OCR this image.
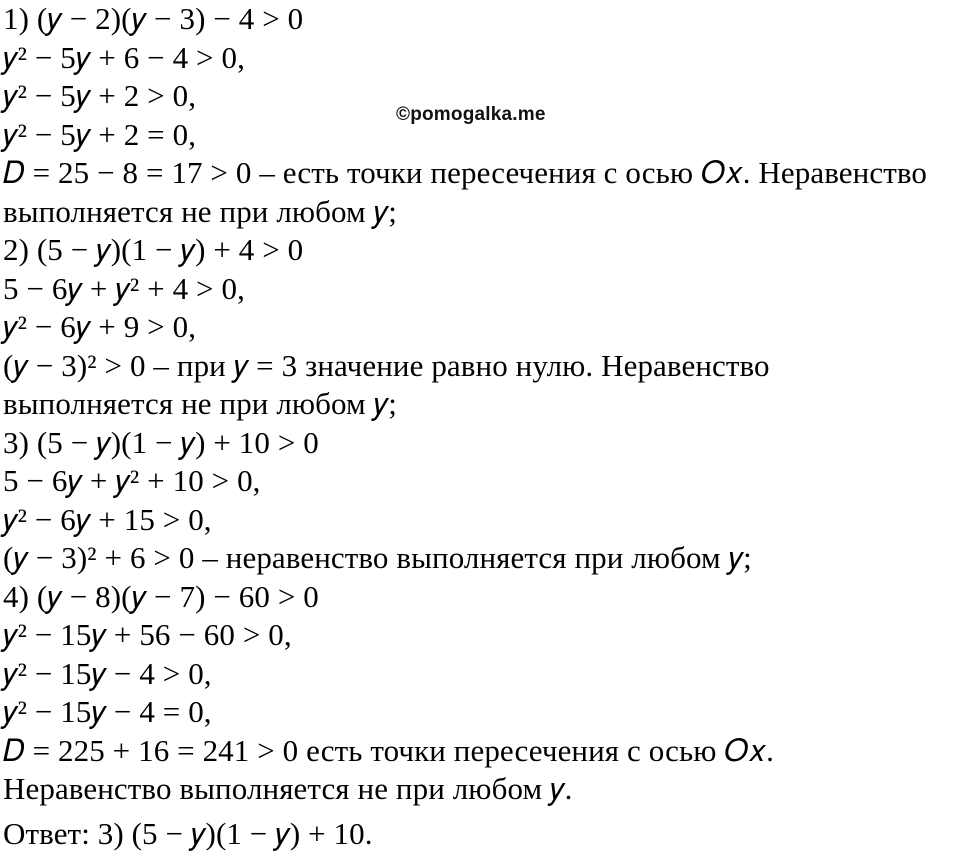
1) (𝑦 − 2)(𝑦 − 3) − 4 > 0
𝑦² − 5𝑦 + 6 − 4 > 0,
𝑦² − 5𝑦 + 2 > 0,
𝑦² − 5𝑦 + 2 = 0,
𝐷 = 25 − 8 = 17 > 0 – есть точки пересечения с осью 𝑂𝑥. Неравенство
выполняется не при любом 𝑦;
2) (5 − 𝑦)(1 − 𝑦) + 4 > 0
5 − 6𝑦 + 𝑦² + 4 > 0,
𝑦² − 6𝑦 + 9 > 0,
(𝑦 − 3)² > 0 – при 𝑦 = 3 значение равно нулю. Неравенство
выполняется не при любом 𝑦;
3) (5 − 𝑦)(1 − 𝑦) + 10 > 0
5 − 6𝑦 + 𝑦² + 10 > 0,
𝑦² − 6𝑦 + 15 > 0,
(𝑦 − 3)² + 6 > 0 – неравенство выполняется при любом 𝑦;
4) (𝑦 − 8)(𝑦 − 7) − 60 > 0
𝑦² − 15𝑦 + 56 − 60 > 0,
𝑦² − 15𝑦 − 4 > 0,
𝑦² − 15𝑦 − 4 = 0,
𝐷 = 225 + 16 = 241 > 0 есть точки пересечения с осью 𝑂𝑥.
Неравенство выполняется не при любом 𝑦.
Ответ: 3) (5 − 𝑦)(1 − 𝑦) + 10.
©pomogalka.me
